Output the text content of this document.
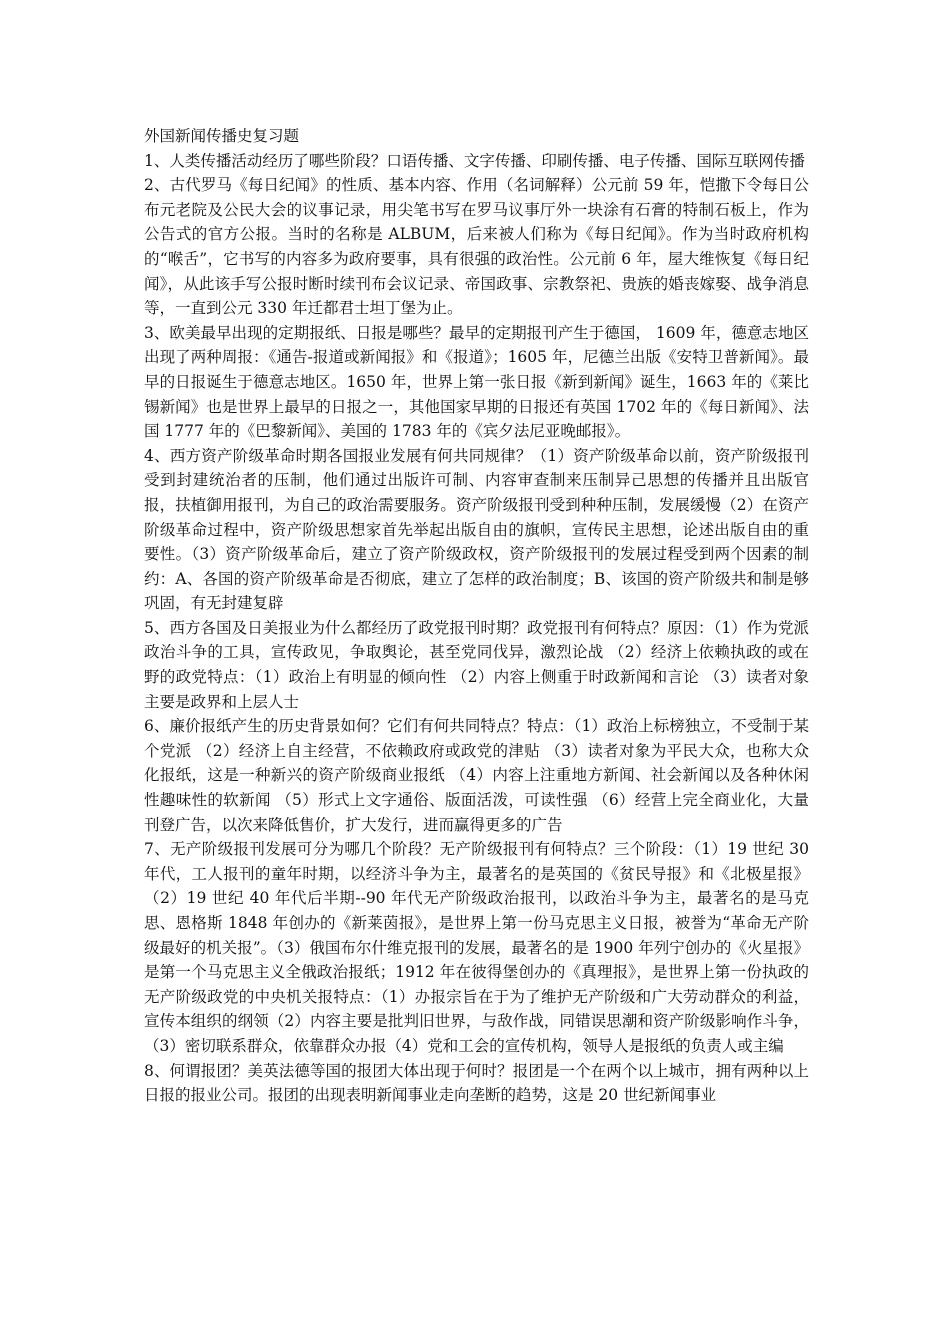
外国新闻传播史复习题

1、人类传播活动经历了哪些阶段？口语传播、文字传播、印刷传播、电子传播、国际互联网传播

2、古代罗马《每日纪闻》的性质、基本内容、作用（名词解释）公元前 59 年，恺撒下令每日公布元老院及公民大会的议事记录，用尖笔书写在罗马议事厅外一块涂有石膏的特制石板上，作为公告式的官方公报。当时的名称是 ALBUM，后来被人们称为《每日纪闻》。作为当时政府机构的“喉舌”，它书写的内容多为政府要事，具有很强的政治性。公元前 6 年，屋大维恢复《每日纪闻》，从此该手写公报时断时续刊布会议记录、帝国政事、宗教祭祀、贵族的婚丧嫁娶、战争消息等，一直到公元 330 年迁都君士坦丁堡为止。

3、欧美最早出现的定期报纸、日报是哪些？最早的定期报刊产生于德国， 1609 年，德意志地区出现了两种周报：《通告-报道或新闻报》和《报道》；1605 年，尼德兰出版《安特卫普新闻》。最早的日报诞生于德意志地区。1650 年，世界上第一张日报《新到新闻》诞生，1663 年的《莱比锡新闻》也是世界上最早的日报之一，其他国家早期的日报还有英国 1702 年的《每日新闻》、法国 1777 年的《巴黎新闻》、美国的 1783 年的《宾夕法尼亚晚邮报》。

4、西方资产阶级革命时期各国报业发展有何共同规律？（1）资产阶级革命以前，资产阶级报刊受到封建统治者的压制，他们通过出版许可制、内容审查制来压制异己思想的传播并且出版官报，扶植御用报刊，为自己的政治需要服务。资产阶级报刊受到种种压制，发展缓慢（2）在资产阶级革命过程中，资产阶级思想家首先举起出版自由的旗帜，宣传民主思想，论述出版自由的重要性。（3）资产阶级革命后，建立了资产阶级政权，资产阶级报刊的发展过程受到两个因素的制约：A、各国的资产阶级革命是否彻底，建立了怎样的政治制度；B、该国的资产阶级共和制是够巩固，有无封建复辟

5、西方各国及日美报业为什么都经历了政党报刊时期？政党报刊有何特点？原因：（1）作为党派政治斗争的工具，宣传政见，争取舆论，甚至党同伐异，激烈论战 （2）经济上依赖执政的或在野的政党特点：（1）政治上有明显的倾向性 （2）内容上侧重于时政新闻和言论 （3）读者对象主要是政界和上层人士

6、廉价报纸产生的历史背景如何？它们有何共同特点？特点：（1）政治上标榜独立，不受制于某个党派 （2）经济上自主经营，不依赖政府或政党的津贴 （3）读者对象为平民大众，也称大众化报纸，这是一种新兴的资产阶级商业报纸 （4）内容上注重地方新闻、社会新闻以及各种休闲性趣味性的软新闻 （5）形式上文字通俗、版面活泼，可读性强 （6）经营上完全商业化，大量刊登广告，以次来降低售价，扩大发行，进而赢得更多的广告

7、无产阶级报刊发展可分为哪几个阶段？无产阶级报刊有何特点？三个阶段：（1）19 世纪 30 年代，工人报刊的童年时期，以经济斗争为主，最著名的是英国的《贫民导报》和《北极星报》（2）19 世纪 40 年代后半期--90 年代无产阶级政治报刊，以政治斗争为主，最著名的是马克思、恩格斯 1848 年创办的《新莱茵报》，是世界上第一份马克思主义日报，被誉为“革命无产阶级最好的机关报”。（3）俄国布尔什维克报刊的发展，最著名的是 1900 年列宁创办的《火星报》是第一个马克思主义全俄政治报纸；1912 年在彼得堡创办的《真理报》，是世界上第一份执政的无产阶级政党的中央机关报特点：（1）办报宗旨在于为了维护无产阶级和广大劳动群众的利益，宣传本组织的纲领（2）内容主要是批判旧世界，与敌作战，同错误思潮和资产阶级影响作斗争，（3）密切联系群众，依靠群众办报（4）党和工会的宣传机构，领导人是报纸的负责人或主编

8、何谓报团？美英法德等国的报团大体出现于何时？报团是一个在两个以上城市，拥有两种以上日报的报业公司。报团的出现表明新闻事业走向垄断的趋势，这是 20 世纪新闻事业
